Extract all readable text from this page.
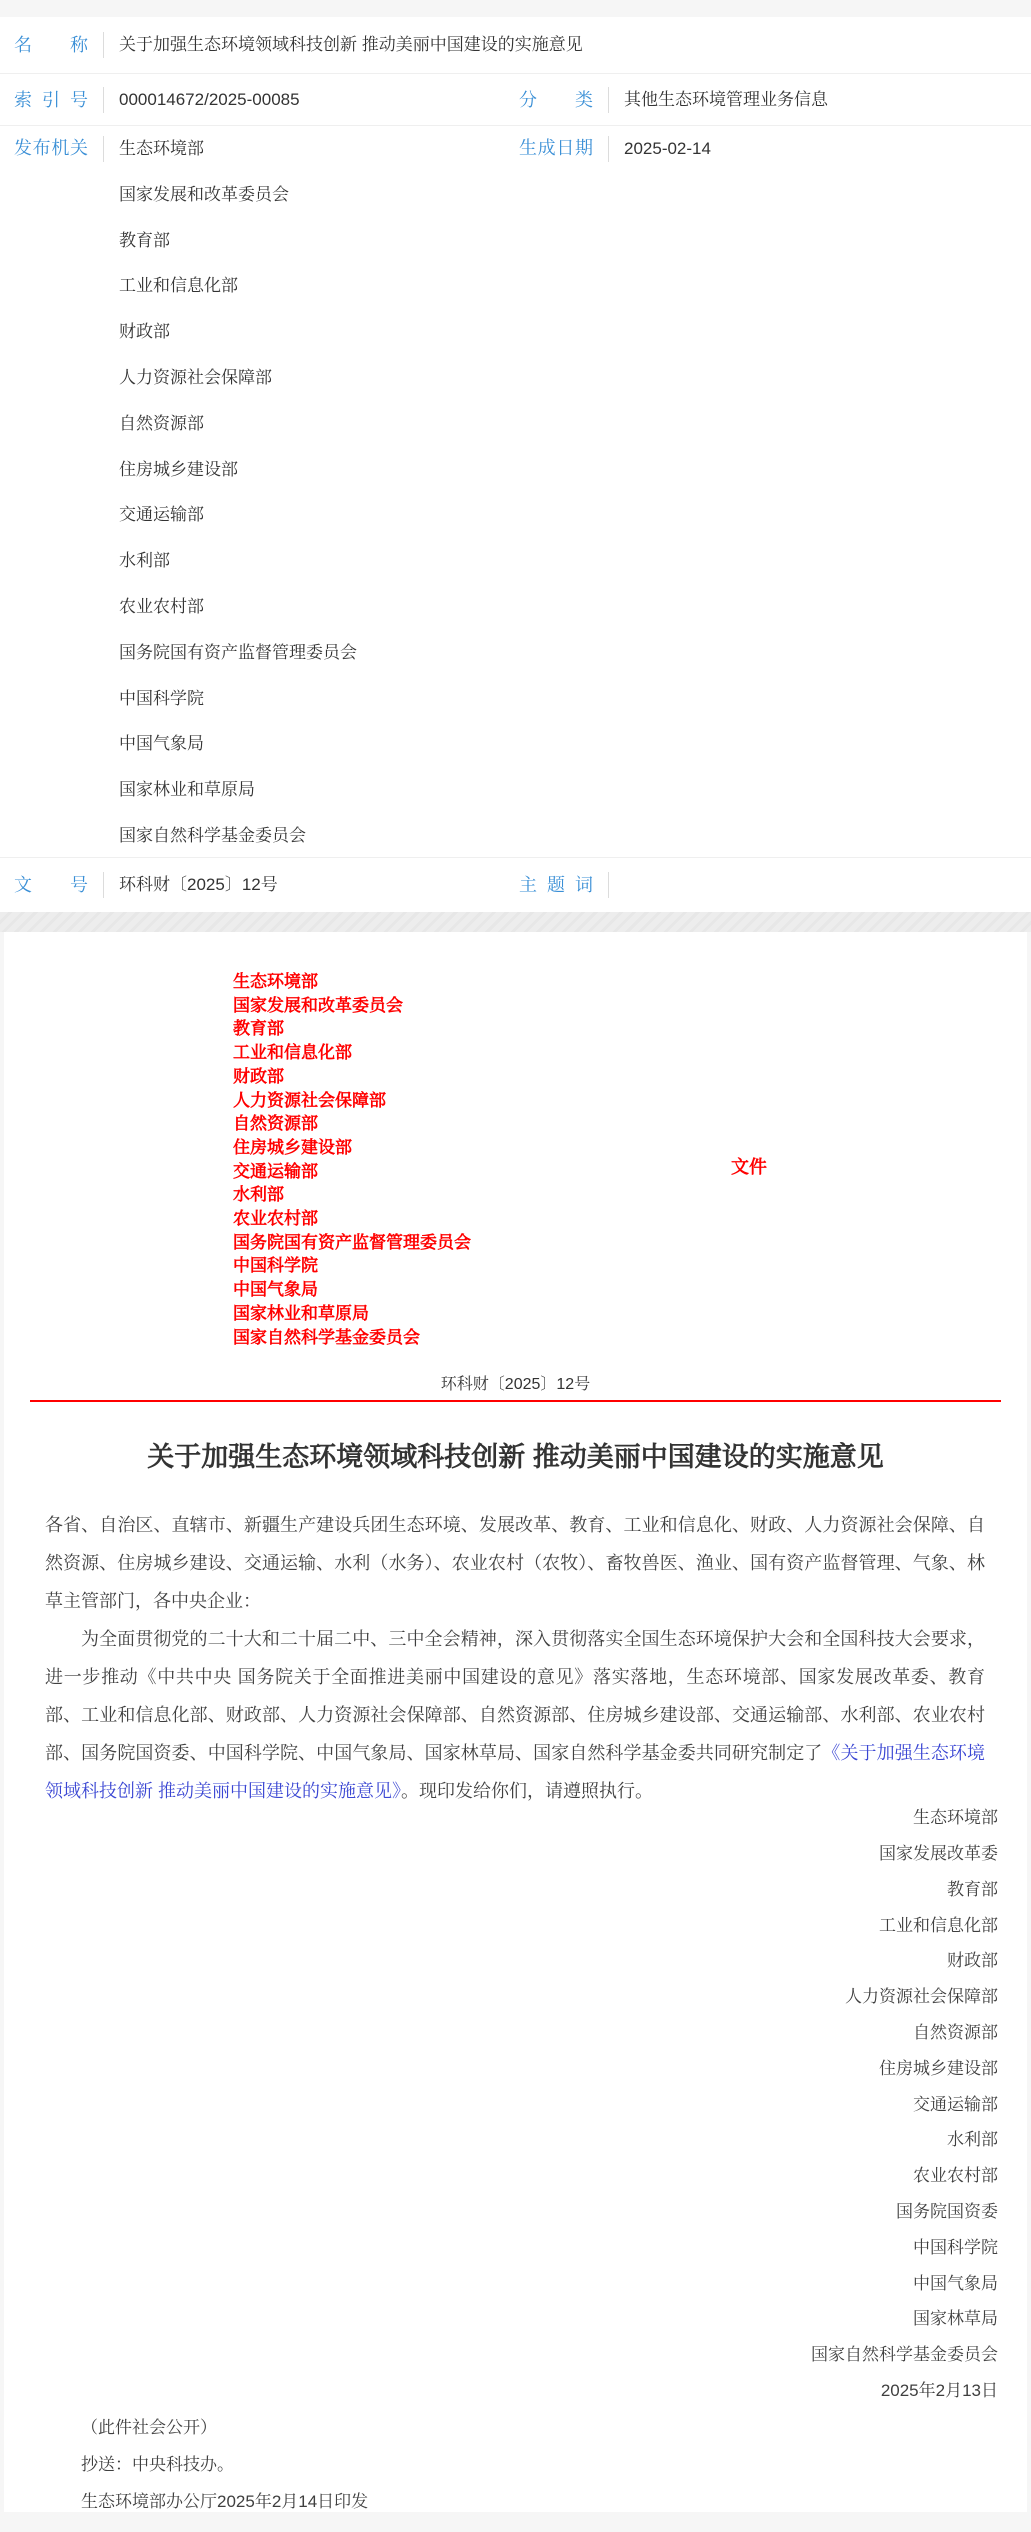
名称 关于加强生态环境领域科技创新 推动美丽中国建设的实施意见
索引号 000014672/2025-00085	分类 其他生态环境管理业务信息
发布机关 生态环境部
国家发展和改革委员会
教育部
工业和信息化部
财政部
人力资源社会保障部
自然资源部
住房城乡建设部
交通运输部
水利部
农业农村部
国务院国有资产监督管理委员会
中国科学院
中国气象局
国家林业和草原局
国家自然科学基金委员会
生成日期 2025-02-14
文号 环科财〔2025〕12号	主题词
生态环境部
国家发展和改革委员会
教育部
工业和信息化部
财政部
人力资源社会保障部
自然资源部
住房城乡建设部
交通运输部
水利部
农业农村部
国务院国有资产监督管理委员会
中国科学院
中国气象局
国家林业和草原局
国家自然科学基金委员会
文件
环科财〔2025〕12号
关于加强生态环境领域科技创新 推动美丽中国建设的实施意见

各省、自治区、直辖市、新疆生产建设兵团生态环境、发展改革、教育、工业和信息化、财政、人力资源社会保障、自然资源、住房城乡建设、交通运输、水利（水务）、农业农村（农牧）、畜牧兽医、渔业、国有资产监督管理、气象、林草主管部门，各中央企业：

为全面贯彻党的二十大和二十届二中、三中全会精神，深入贯彻落实全国生态环境保护大会和全国科技大会要求，进一步推动《中共中央 国务院关于全面推进美丽中国建设的意见》落实落地，生态环境部、国家发展改革委、教育部、工业和信息化部、财政部、人力资源社会保障部、自然资源部、住房城乡建设部、交通运输部、水利部、农业农村部、国务院国资委、中国科学院、中国气象局、国家林草局、国家自然科学基金委共同研究制定了《关于加强生态环境领域科技创新 推动美丽中国建设的实施意见》。现印发给你们，请遵照执行。

生态环境部
国家发展改革委
教育部
工业和信息化部
财政部
人力资源社会保障部
自然资源部
住房城乡建设部
交通运输部
水利部
农业农村部
国务院国资委
中国科学院
中国气象局
国家林草局
国家自然科学基金委员会
2025年2月13日
（此件社会公开）
抄送：中央科技办。
生态环境部办公厅2025年2月14日印发
